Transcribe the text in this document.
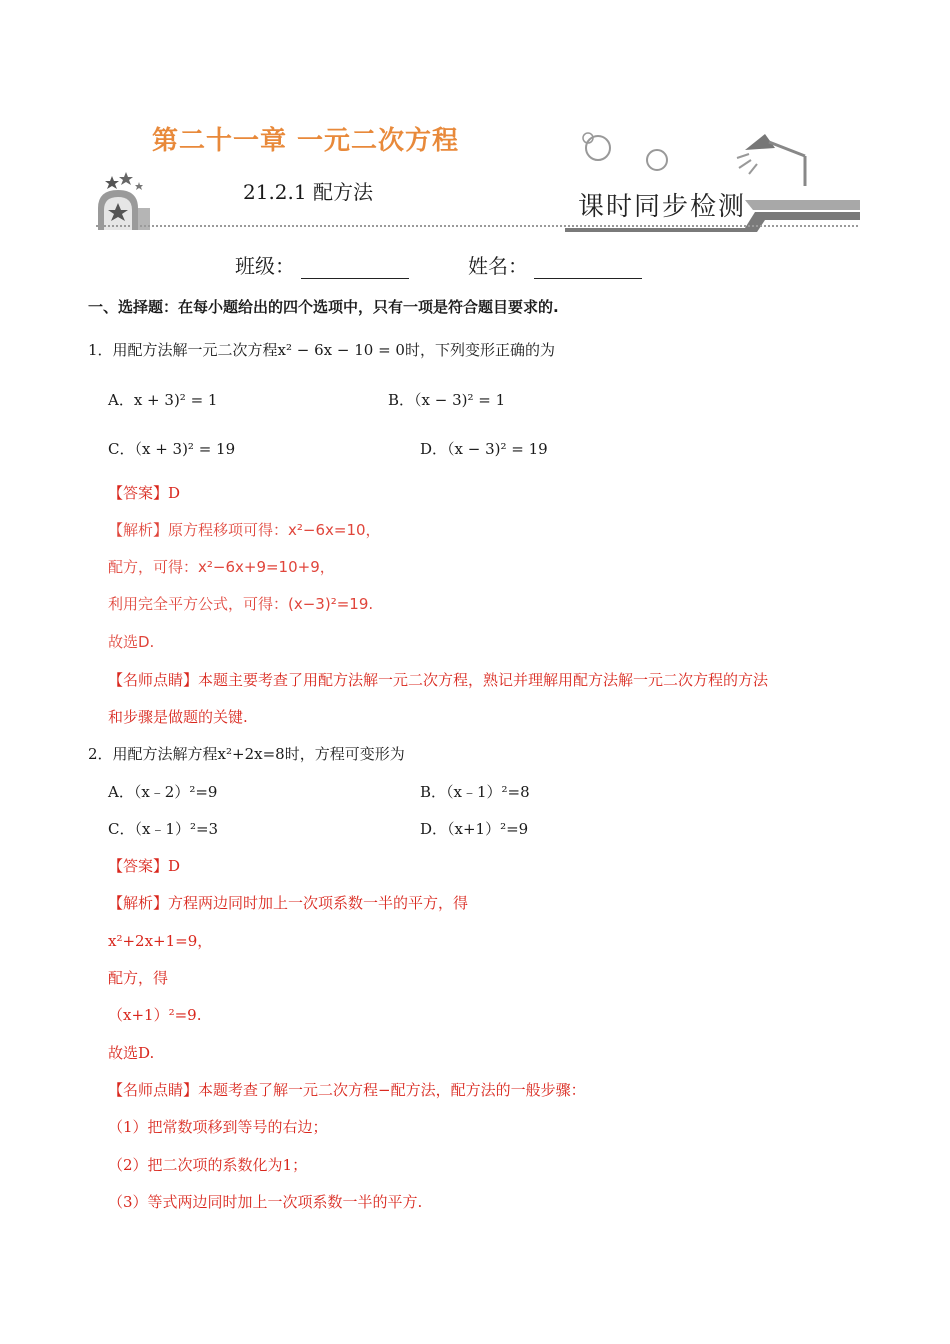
第二十一章 一元二次方程
21.2.1 配方法	课时同步检测
班级：	姓名：
一、选择题：在每小题给出的四个选项中，只有一项是符合题目要求的.
1．用配方法解一元二次方程x² − 6x − 10 = 0时，下列变形正确的为
A．x + 3)² = 1	B．（x − 3)² = 1
C．（x + 3)² = 19	D．（x − 3)² = 19
【答案】D
【解析】原方程移项可得：x²−6x=10，
配方，可得：x²−6x+9=10+9，
利用完全平方公式，可得：(x−3)²=19.
故选D.
【名师点睛】本题主要考查了用配方法解一元二次方程，熟记并理解用配方法解一元二次方程的方法
和步骤是做题的关键.
2．用配方法解方程x²+2x=8时，方程可变形为
A．（x﹣2）²=9	B．（x﹣1）²=8
C．（x﹣1）²=3	D．（x+1）²=9
【答案】D
【解析】方程两边同时加上一次项系数一半的平方，得
x²+2x+1=9，
配方，得
（x+1）²=9.
故选D.
【名师点睛】本题考查了解一元二次方程−配方法，配方法的一般步骤：
（1）把常数项移到等号的右边；
（2）把二次项的系数化为1；
（3）等式两边同时加上一次项系数一半的平方.
